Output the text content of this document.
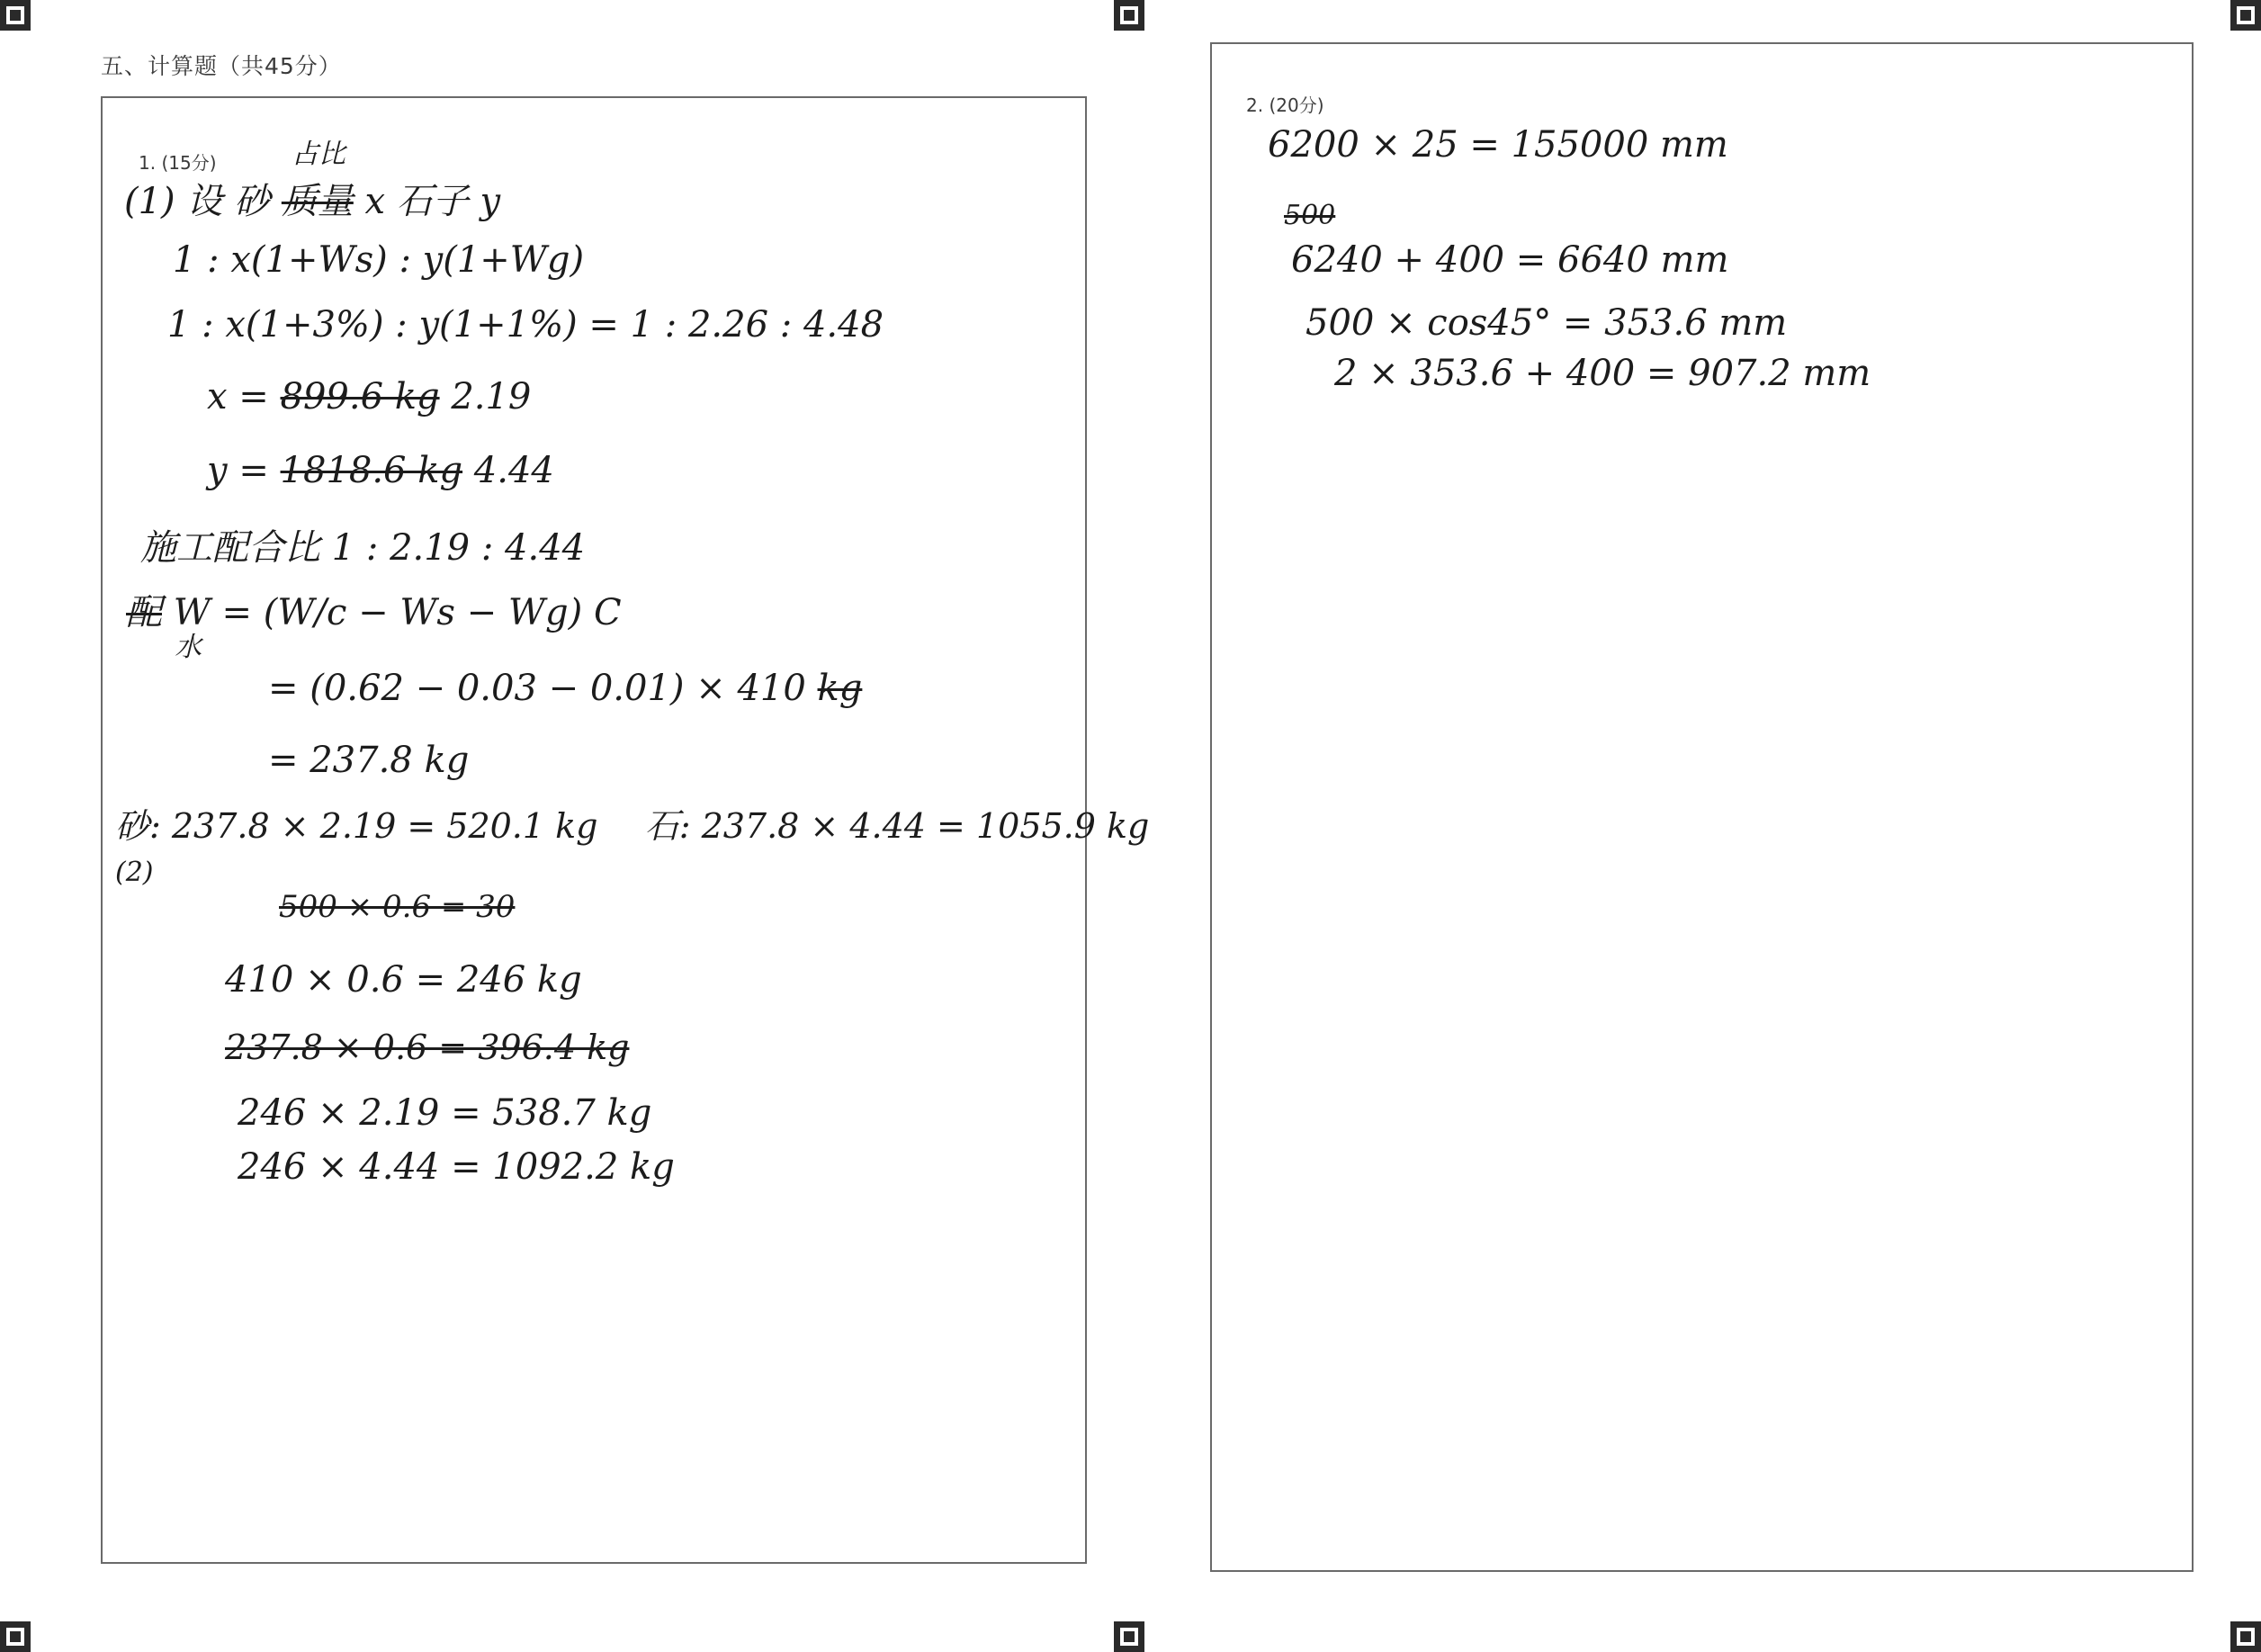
五、计算题（共45分）
1. (15分)	占比
(1) 设 砂 质量 x 石子 y
1 : x(1+Ws) : y(1+Wg)
1 : x(1+3%) : y(1+1%) = 1 : 2.26 : 4.48
x = 899.6 kg 2.19
y = 1818.6 kg 4.44
施工配合比 1 : 2.19 : 4.44
配 W = (W/c − Ws − Wg) C
水
= (0.62 − 0.03 − 0.01) × 410 kg
= 237.8 kg
砂: 237.8 × 2.19 = 520.1 kg 石: 237.8 × 4.44 = 1055.9 kg
(2)
500 × 0.6 = 30
410 × 0.6 = 246 kg
237.8 × 0.6 = 396.4 kg
246 × 2.19 = 538.7 kg
246 × 4.44 = 1092.2 kg
2. (20分)
6200 × 25 = 155000 mm
500
6240 + 400 = 6640 mm
500 × cos45° = 353.6 mm
2 × 353.6 + 400 = 907.2 mm
